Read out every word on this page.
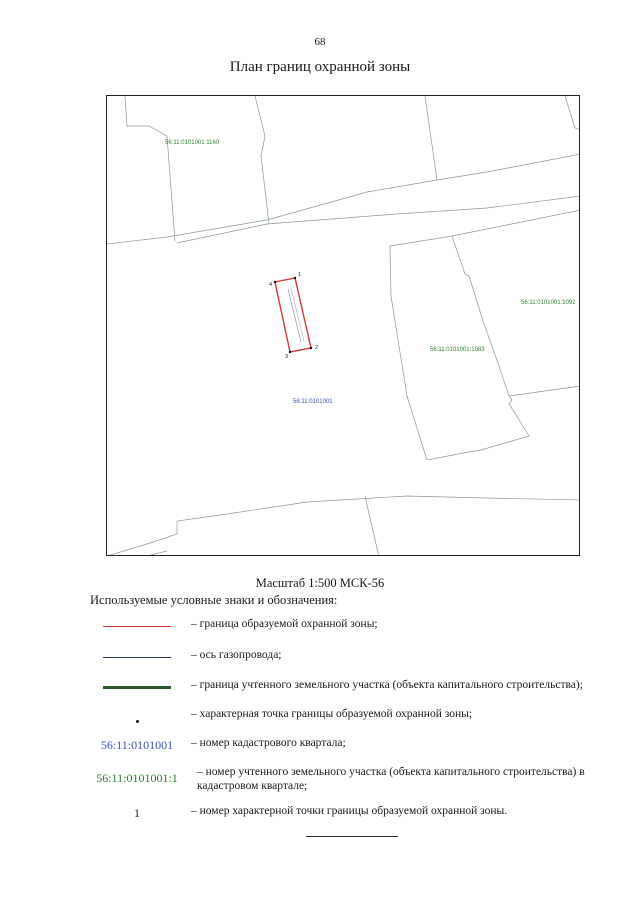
68
План границ охранной зоны
1
2
3
4
56:11:0101001:1160
56:11:0101001:1092
56:11:0101001:1083
56:11:0101001
Масштаб 1:500 МСК-56
Используемые условные знаки и обозначения:
– граница образуемой охранной зоны;
– ось газопровода;
– граница учтенного земельного участка (объекта капитального строительства);
– характерная точка границы образуемой охранной зоны;
56:11:0101001 – номер кадастрового квартала;
56:11:0101001:1 – номер учтенного земельного участка (объекта капитального строительства) в кадастровом квартале;
1	– номер характерной точки границы образуемой охранной зоны.
